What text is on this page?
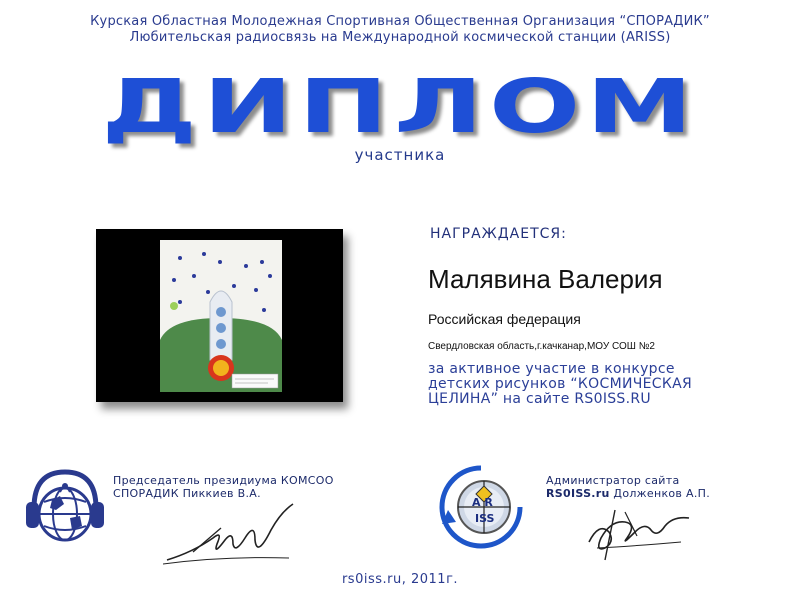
Курская Областная Молодежная Спортивная Общественная Организация “СПОРАДИК”
Любительская радиосвязь на Международной космической станции (ARISS)
ДИПЛОМ
участника
НАГРАЖДАЕТСЯ:
Малявина Валерия
Российская федерация
Свердловская область,г.качканар,МОУ СОШ №2
за активное участие в конкурсе
детских рисунков “КОСМИЧЕСКАЯ
ЦЕЛИНА” на сайте RS0ISS.RU
Председатель президиума КОМСОО
СПОРАДИК Пиккиев В.А.
A R
ISS
Администратор сайта
RS0ISS.ru Долженков А.П.
rs0iss.ru, 2011г.
